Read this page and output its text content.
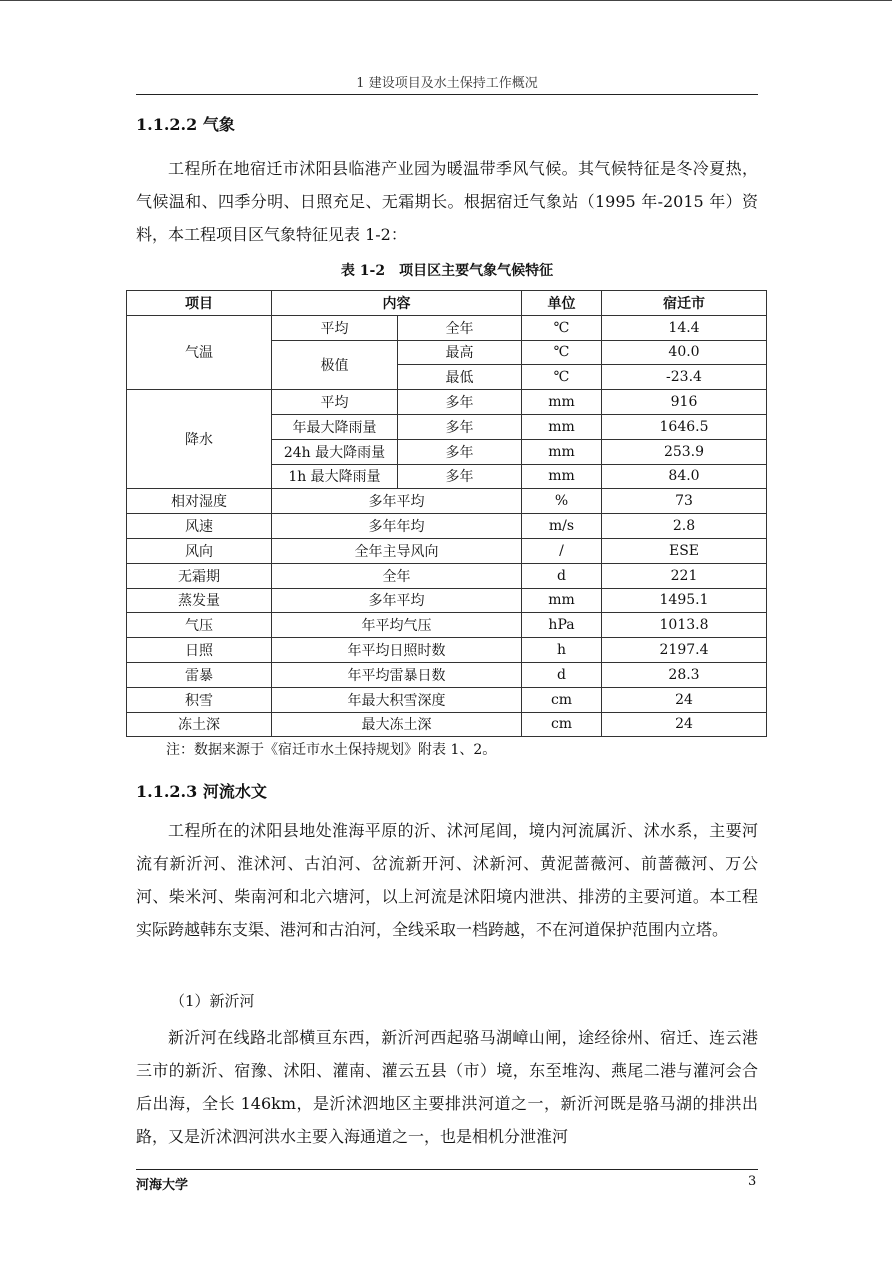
1 建设项目及水土保持工作概况
1.1.2.2 气象
工程所在地宿迁市沭阳县临港产业园为暖温带季风气候。其气候特征是冬冷夏热，气候温和、四季分明、日照充足、无霜期长。根据宿迁气象站（1995 年-2015 年）资料，本工程项目区气象特征见表 1-2：
表 1-2　项目区主要气象气候特征
项目	内容		单位	宿迁市
气温	平均	全年	℃	14.4
	极值	最高	℃	40.0
		最低	℃	-23.4
降水	平均	多年	mm	916
	年最大降雨量	多年	mm	1646.5
	24h 最大降雨量	多年	mm	253.9
	1h 最大降雨量	多年	mm	84.0
相对湿度	多年平均		%	73
风速	多年年均		m/s	2.8
风向	全年主导风向		/	ESE
无霜期	全年		d	221
蒸发量	多年平均		mm	1495.1
气压	年平均气压		hPa	1013.8
日照	年平均日照时数		h	2197.4
雷暴	年平均雷暴日数		d	28.3
积雪	年最大积雪深度		cm	24
冻土深	最大冻土深		cm	24
注：数据来源于《宿迁市水土保持规划》附表 1、2。
1.1.2.3 河流水文
工程所在的沭阳县地处淮海平原的沂、沭河尾闾，境内河流属沂、沭水系，主要河流有新沂河、淮沭河、古泊河、岔流新开河、沭新河、黄泥蔷薇河、前蔷薇河、万公河、柴米河、柴南河和北六塘河，以上河流是沭阳境内泄洪、排涝的主要河道。本工程实际跨越韩东支渠、港河和古泊河，全线采取一档跨越，不在河道保护范围内立塔。
（1）新沂河
新沂河在线路北部横亘东西，新沂河西起骆马湖嶂山闸，途经徐州、宿迁、连云港三市的新沂、宿豫、沭阳、灌南、灌云五县（市）境，东至堆沟、燕尾二港与灌河会合后出海，全长 146km，是沂沭泗地区主要排洪河道之一，新沂河既是骆马湖的排洪出路，又是沂沭泗河洪水主要入海通道之一，也是相机分泄淮河
河海大学	3
